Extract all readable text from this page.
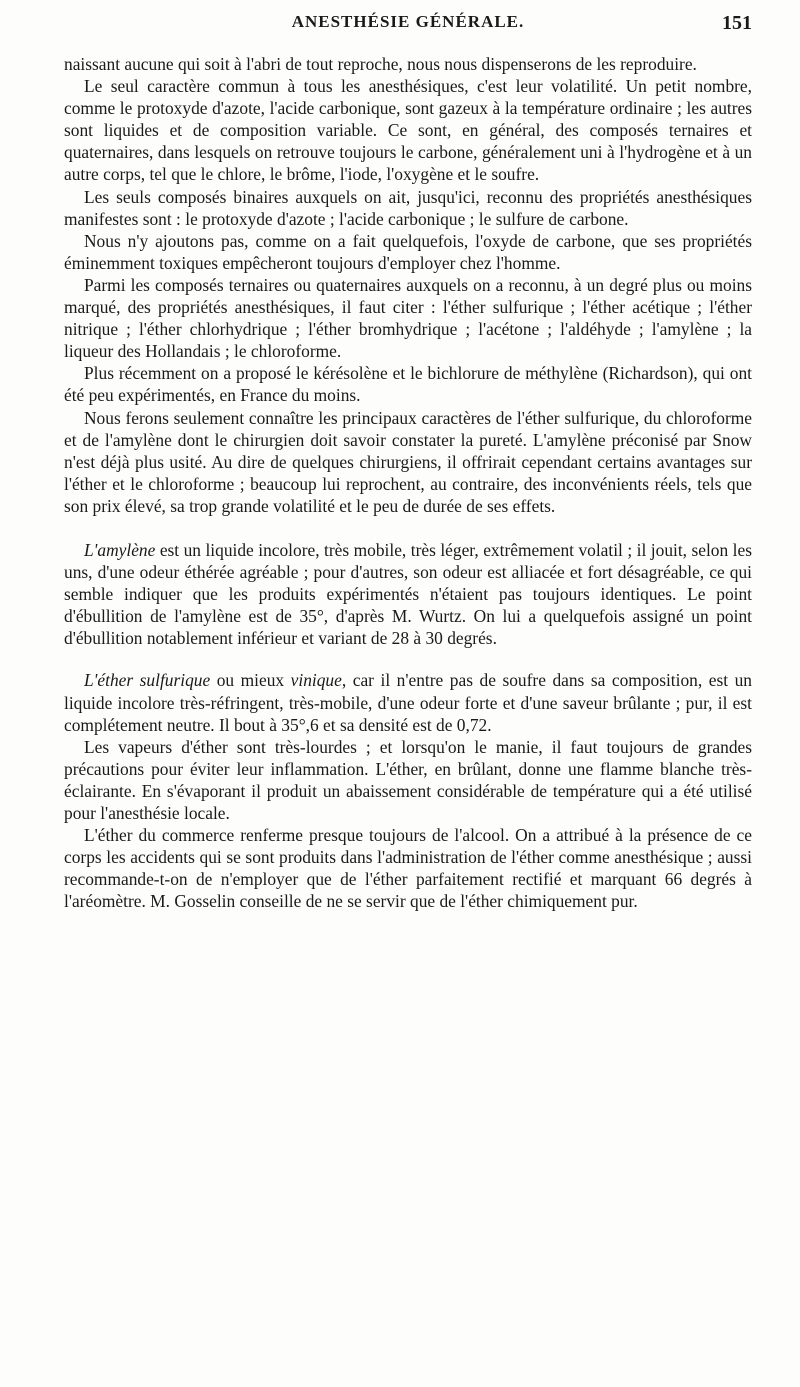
ANESTHÉSIE GÉNÉRALE.	151

naissant aucune qui soit à l'abri de tout reproche, nous nous dispenserons de les reproduire.

Le seul caractère commun à tous les anesthésiques, c'est leur volatilité. Un petit nombre, comme le protoxyde d'azote, l'acide carbonique, sont gazeux à la température ordinaire ; les autres sont liquides et de composition variable. Ce sont, en général, des composés ternaires et quaternaires, dans lesquels on retrouve toujours le carbone, généralement uni à l'hydrogène et à un autre corps, tel que le chlore, le brôme, l'iode, l'oxygène et le soufre.

Les seuls composés binaires auxquels on ait, jusqu'ici, reconnu des propriétés anesthésiques manifestes sont : le protoxyde d'azote ; l'acide carbonique ; le sulfure de carbone.

Nous n'y ajoutons pas, comme on a fait quelquefois, l'oxyde de carbone, que ses propriétés éminemment toxiques empêcheront toujours d'employer chez l'homme.

Parmi les composés ternaires ou quaternaires auxquels on a reconnu, à un degré plus ou moins marqué, des propriétés anesthésiques, il faut citer : l'éther sulfurique ; l'éther acétique ; l'éther nitrique ; l'éther chlorhydrique ; l'éther bromhydrique ; l'acétone ; l'aldéhyde ; l'amylène ; la liqueur des Hollandais ; le chloroforme.

Plus récemment on a proposé le kérésolène et le bichlorure de méthylène (Richardson), qui ont été peu expérimentés, en France du moins.

Nous ferons seulement connaître les principaux caractères de l'éther sulfurique, du chloroforme et de l'amylène dont le chirurgien doit savoir constater la pureté. L'amylène préconisé par Snow n'est déjà plus usité. Au dire de quelques chirurgiens, il offrirait cependant certains avantages sur l'éther et le chloroforme ; beaucoup lui reprochent, au contraire, des inconvénients réels, tels que son prix élevé, sa trop grande volatilité et le peu de durée de ses effets.

L'amylène est un liquide incolore, très mobile, très léger, extrêmement volatil ; il jouit, selon les uns, d'une odeur éthérée agréable ; pour d'autres, son odeur est alliacée et fort désagréable, ce qui semble indiquer que les produits expérimentés n'étaient pas toujours identiques. Le point d'ébullition de l'amylène est de 35°, d'après M. Wurtz. On lui a quelquefois assigné un point d'ébullition notablement inférieur et variant de 28 à 30 degrés.

L'éther sulfurique ou mieux vinique, car il n'entre pas de soufre dans sa composition, est un liquide incolore très-réfringent, très-mobile, d'une odeur forte et d'une saveur brûlante ; pur, il est complétement neutre. Il bout à 35°,6 et sa densité est de 0,72.

Les vapeurs d'éther sont très-lourdes ; et lorsqu'on le manie, il faut toujours de grandes précautions pour éviter leur inflammation. L'éther, en brûlant, donne une flamme blanche très-éclairante. En s'évaporant il produit un abaissement considérable de température qui a été utilisé pour l'anesthésie locale.

L'éther du commerce renferme presque toujours de l'alcool. On a attribué à la présence de ce corps les accidents qui se sont produits dans l'administration de l'éther comme anesthésique ; aussi recommande-t-on de n'employer que de l'éther parfaitement rectifié et marquant 66 degrés à l'aréomètre. M. Gosselin conseille de ne se servir que de l'éther chimiquement pur.
